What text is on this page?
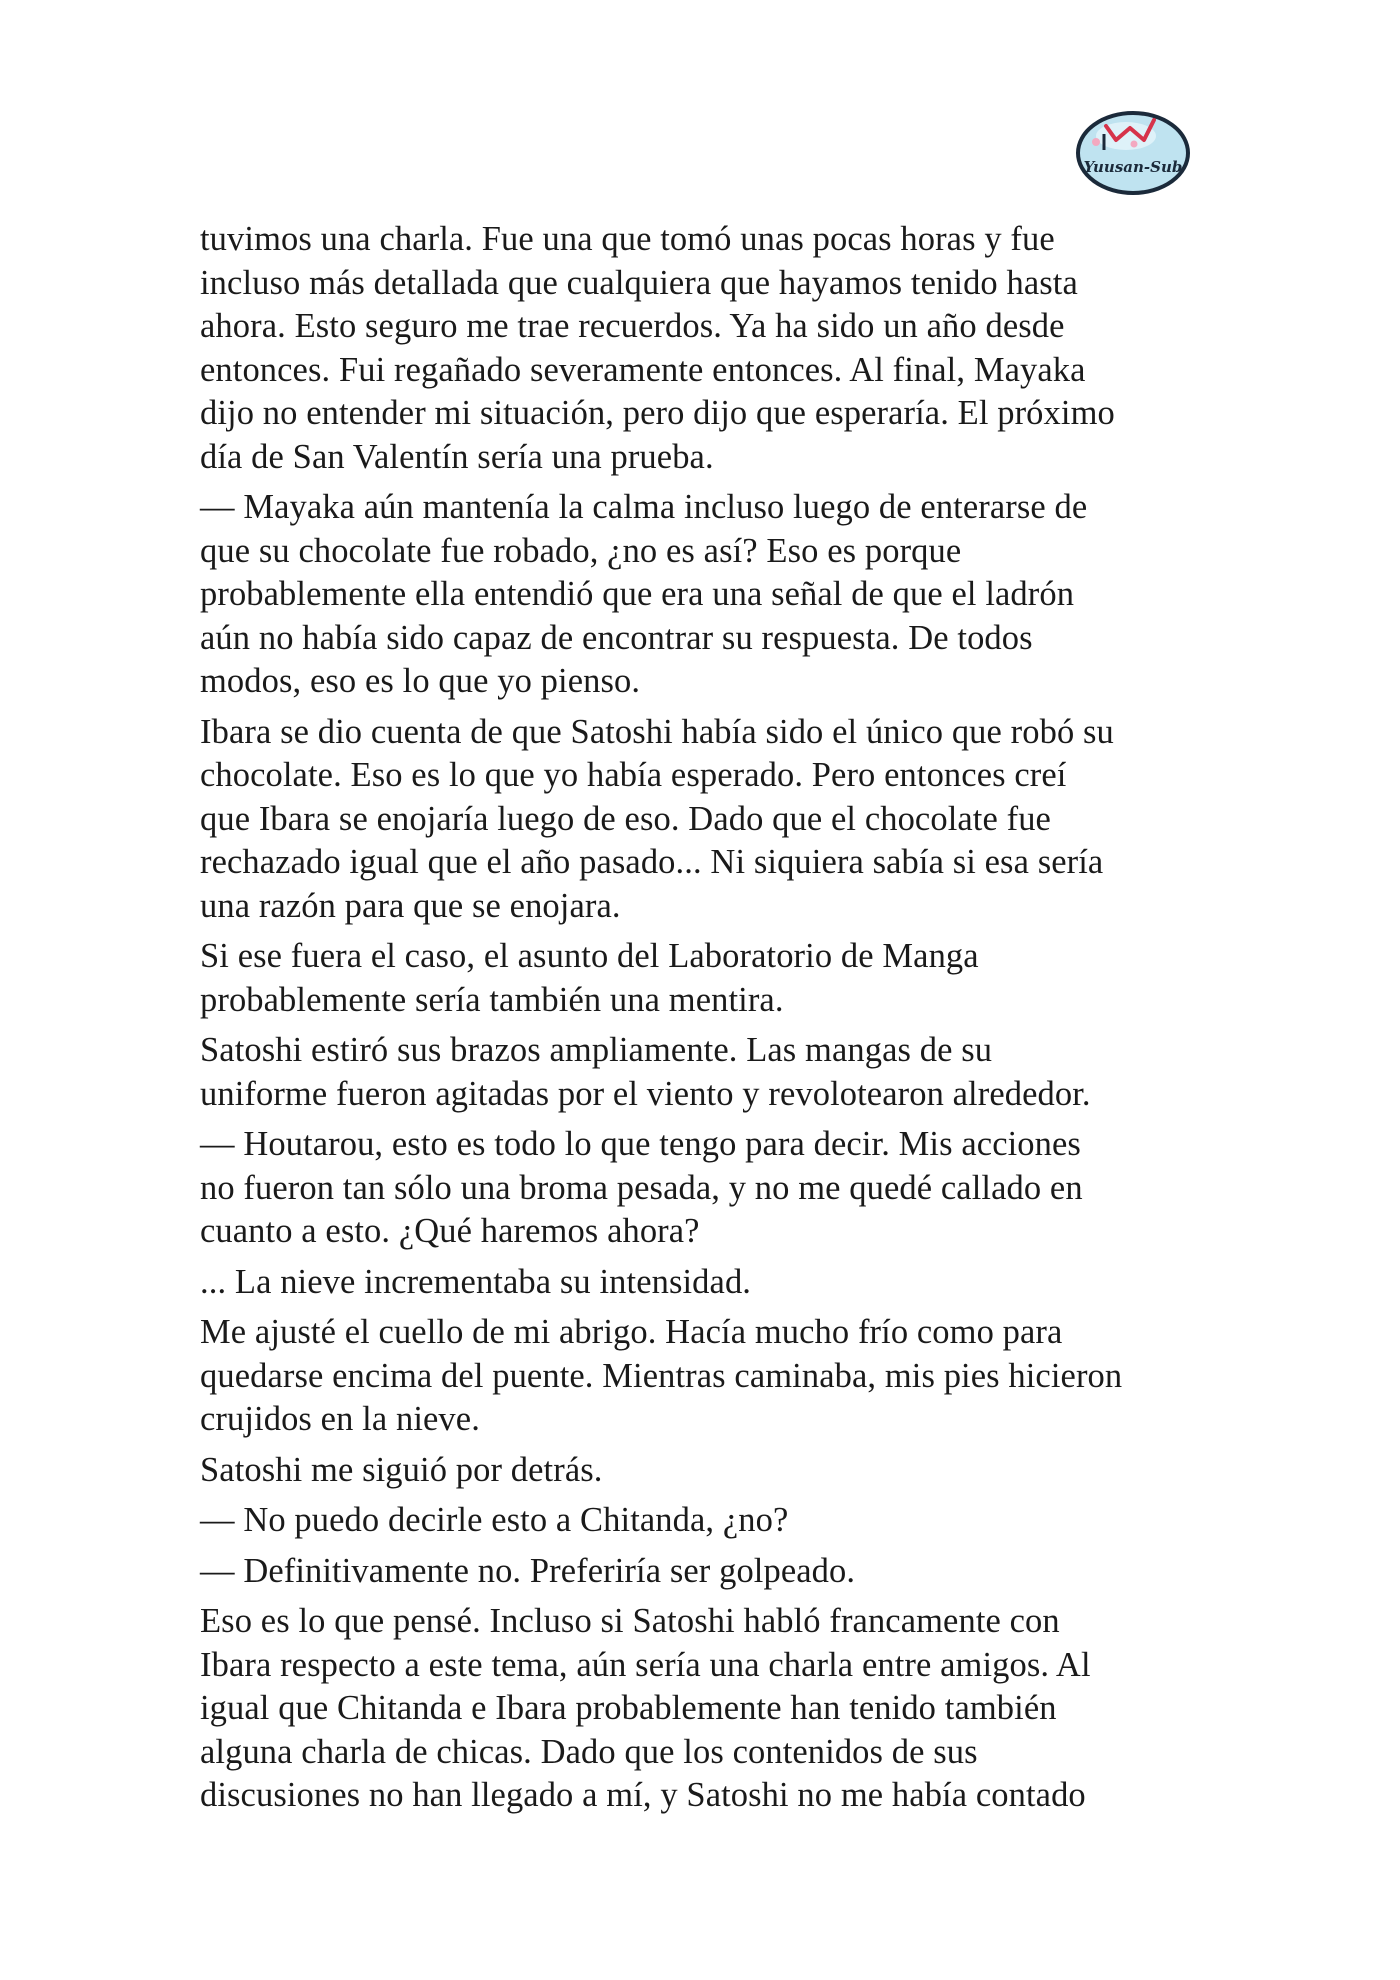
Yuusan-Sub

tuvimos una charla. Fue una que tomó unas pocas horas y fue
incluso más detallada que cualquiera que hayamos tenido hasta
ahora. Esto seguro me trae recuerdos. Ya ha sido un año desde
entonces. Fui regañado severamente entonces. Al final, Mayaka
dijo no entender mi situación, pero dijo que esperaría. El próximo
día de San Valentín sería una prueba.

— Mayaka aún mantenía la calma incluso luego de enterarse de
que su chocolate fue robado, ¿no es así? Eso es porque
probablemente ella entendió que era una señal de que el ladrón
aún no había sido capaz de encontrar su respuesta. De todos
modos, eso es lo que yo pienso.

Ibara se dio cuenta de que Satoshi había sido el único que robó su
chocolate. Eso es lo que yo había esperado. Pero entonces creí
que Ibara se enojaría luego de eso. Dado que el chocolate fue
rechazado igual que el año pasado... Ni siquiera sabía si esa sería
una razón para que se enojara.

Si ese fuera el caso, el asunto del Laboratorio de Manga
probablemente sería también una mentira.

Satoshi estiró sus brazos ampliamente. Las mangas de su
uniforme fueron agitadas por el viento y revolotearon alrededor.

— Houtarou, esto es todo lo que tengo para decir. Mis acciones
no fueron tan sólo una broma pesada, y no me quedé callado en
cuanto a esto. ¿Qué haremos ahora?

... La nieve incrementaba su intensidad.

Me ajusté el cuello de mi abrigo. Hacía mucho frío como para
quedarse encima del puente. Mientras caminaba, mis pies hicieron
crujidos en la nieve.

Satoshi me siguió por detrás.

— No puedo decirle esto a Chitanda, ¿no?

— Definitivamente no. Preferiría ser golpeado.

Eso es lo que pensé. Incluso si Satoshi habló francamente con
Ibara respecto a este tema, aún sería una charla entre amigos. Al
igual que Chitanda e Ibara probablemente han tenido también
alguna charla de chicas. Dado que los contenidos de sus
discusiones no han llegado a mí, y Satoshi no me había contado
